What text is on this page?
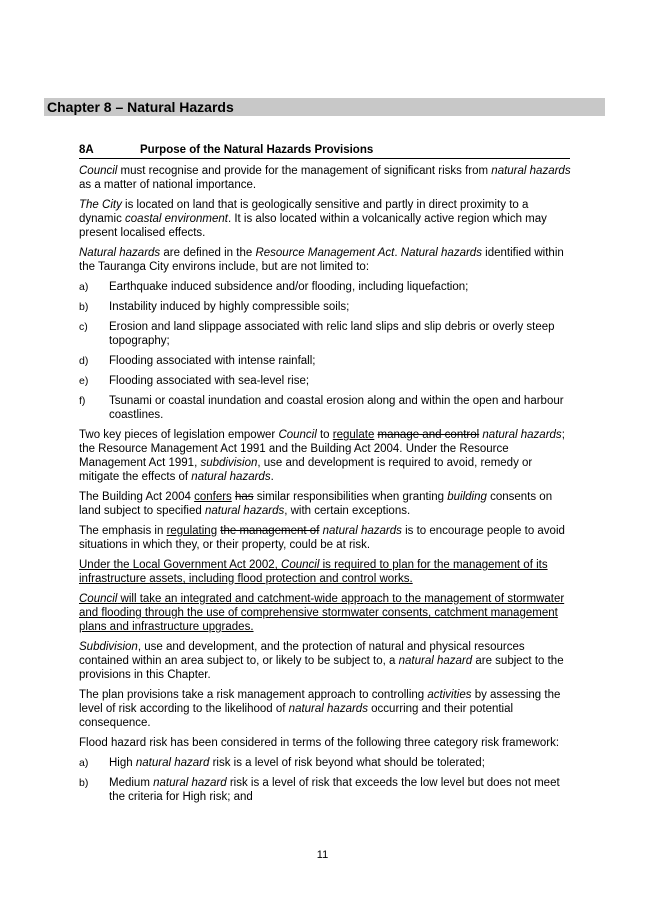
Chapter 8 – Natural Hazards
8A	Purpose of the Natural Hazards Provisions

Council must recognise and provide for the management of significant risks from natural hazards as a matter of national importance.

The City is located on land that is geologically sensitive and partly in direct proximity to a dynamic coastal environment. It is also located within a volcanically active region which may present localised effects.

Natural hazards are defined in the Resource Management Act. Natural hazards identified within the Tauranga City environs include, but are not limited to:

a) Earthquake induced subsidence and/or flooding, including liquefaction;
b) Instability induced by highly compressible soils;
c) Erosion and land slippage associated with relic land slips and slip debris or overly steep topography;
d) Flooding associated with intense rainfall;
e) Flooding associated with sea-level rise;
f) Tsunami or coastal inundation and coastal erosion along and within the open and harbour coastlines.

Two key pieces of legislation empower Council to regulate manage and control natural hazards; the Resource Management Act 1991 and the Building Act 2004. Under the Resource Management Act 1991, subdivision, use and development is required to avoid, remedy or mitigate the effects of natural hazards.

The Building Act 2004 confers has similar responsibilities when granting building consents on land subject to specified natural hazards, with certain exceptions.

The emphasis in regulating the management of natural hazards is to encourage people to avoid situations in which they, or their property, could be at risk.

Under the Local Government Act 2002, Council is required to plan for the management of its infrastructure assets, including flood protection and control works.

Council will take an integrated and catchment-wide approach to the management of stormwater and flooding through the use of comprehensive stormwater consents, catchment management plans and infrastructure upgrades.

Subdivision, use and development, and the protection of natural and physical resources contained within an area subject to, or likely to be subject to, a natural hazard are subject to the provisions in this Chapter.

The plan provisions take a risk management approach to controlling activities by assessing the level of risk according to the likelihood of natural hazards occurring and their potential consequence.

Flood hazard risk has been considered in terms of the following three category risk framework:

a) High natural hazard risk is a level of risk beyond what should be tolerated;
b) Medium natural hazard risk is a level of risk that exceeds the low level but does not meet the criteria for High risk; and
11
